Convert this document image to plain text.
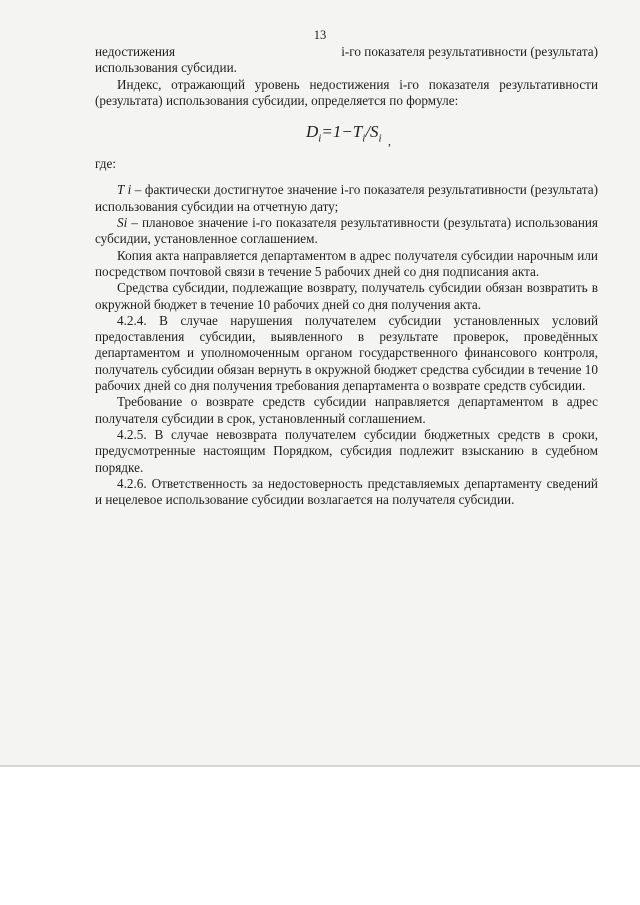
13

недостижения	i-го показателя результативности (результата)

использования субсидии.

Индекс, отражающий уровень недостижения i-го показателя результативности (результата) использования субсидии, определяется по формуле:

$D_i=1-T_i/S_i$ ,

где:

T i – фактически достигнутое значение i-го показателя результативности (результата) использования субсидии на отчетную дату;

Si – плановое значение i-го показателя результативности (результата) использования субсидии, установленное соглашением.

Копия акта направляется департаментом в адрес получателя субсидии нарочным или посредством почтовой связи в течение 5 рабочих дней со дня подписания акта.

Средства субсидии, подлежащие возврату, получатель субсидии обязан возвратить в окружной бюджет в течение 10 рабочих дней со дня получения акта.

4.2.4. В случае нарушения получателем субсидии установленных условий предоставления субсидии, выявленного в результате проверок, проведённых департаментом и уполномоченным органом государственного финансового контроля, получатель субсидии обязан вернуть в окружной бюджет средства субсидии в течение 10 рабочих дней со дня получения требования департамента о возврате средств субсидии.

Требование о возврате средств субсидии направляется департаментом в адрес получателя субсидии в срок, установленный соглашением.

4.2.5. В случае невозврата получателем субсидии бюджетных средств в сроки, предусмотренные настоящим Порядком, субсидия подлежит взысканию в судебном порядке.

4.2.6. Ответственность за недостоверность представляемых департаменту сведений и нецелевое использование субсидии возлагается на получателя субсидии.
